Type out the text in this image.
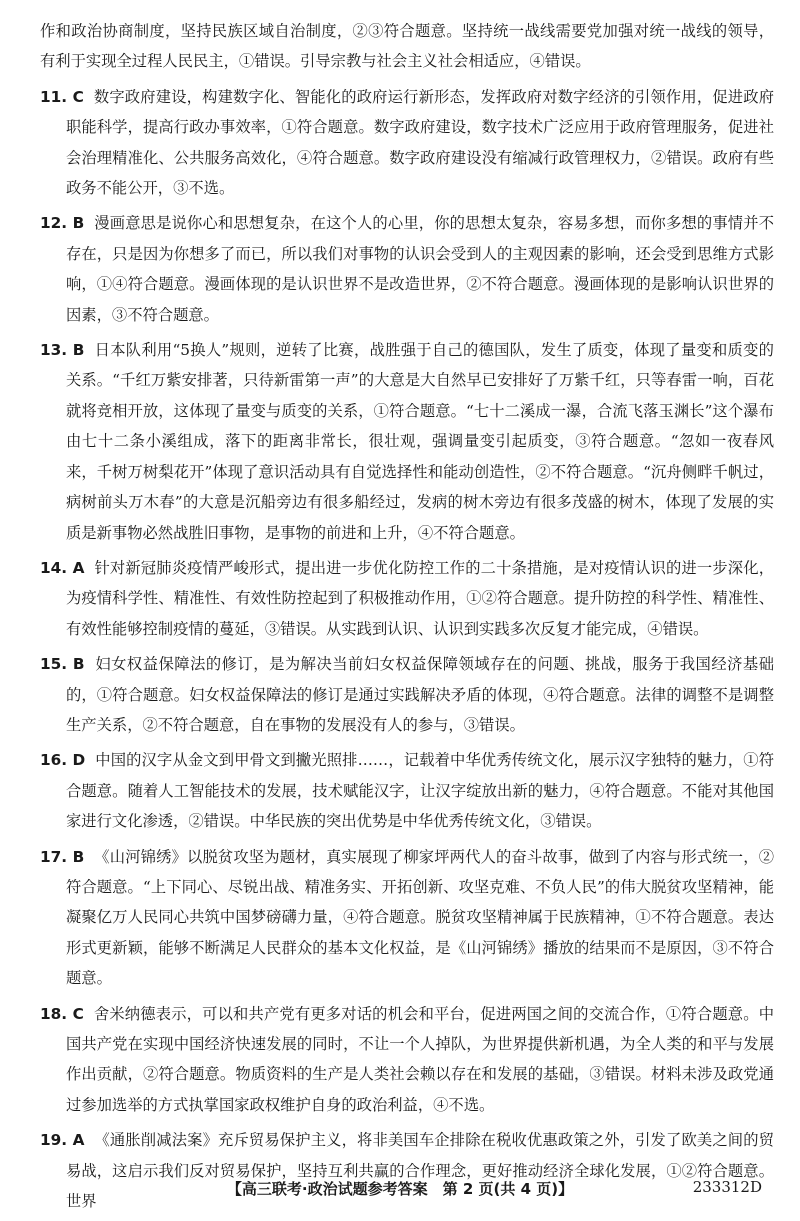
作和政治协商制度，坚持民族区域自治制度，②③符合题意。坚持统一战线需要党加强对统一战线的领导，有利于实现全过程人民民主，①错误。引导宗教与社会主义社会相适应，④错误。

11. C 数字政府建设，构建数字化、智能化的政府运行新形态，发挥政府对数字经济的引领作用，促进政府职能科学，提高行政办事效率，①符合题意。数字政府建设，数字技术广泛应用于政府管理服务，促进社会治理精准化、公共服务高效化，④符合题意。数字政府建设没有缩减行政管理权力，②错误。政府有些政务不能公开，③不选。

12. B 漫画意思是说你心和思想复杂，在这个人的心里，你的思想太复杂，容易多想，而你多想的事情并不存在，只是因为你想多了而已，所以我们对事物的认识会受到人的主观因素的影响，还会受到思维方式影响，①④符合题意。漫画体现的是认识世界不是改造世界，②不符合题意。漫画体现的是影响认识世界的因素，③不符合题意。

13. B 日本队利用“5换人”规则，逆转了比赛，战胜强于自己的德国队，发生了质变，体现了量变和质变的关系。“千红万紫安排著，只待新雷第一声”的大意是大自然早已安排好了万紫千红，只等春雷一响，百花就将竞相开放，这体现了量变与质变的关系，①符合题意。“七十二溪成一瀑，合流飞落玉渊长”这个瀑布由七十二条小溪组成，落下的距离非常长，很壮观，强调量变引起质变，③符合题意。“忽如一夜春风来，千树万树梨花开”体现了意识活动具有自觉选择性和能动创造性，②不符合题意。“沉舟侧畔千帆过，病树前头万木春”的大意是沉船旁边有很多船经过，发病的树木旁边有很多茂盛的树木，体现了发展的实质是新事物必然战胜旧事物，是事物的前进和上升，④不符合题意。

14. A 针对新冠肺炎疫情严峻形式，提出进一步优化防控工作的二十条措施，是对疫情认识的进一步深化，为疫情科学性、精准性、有效性防控起到了积极推动作用，①②符合题意。提升防控的科学性、精准性、有效性能够控制疫情的蔓延，③错误。从实践到认识、认识到实践多次反复才能完成，④错误。

15. B 妇女权益保障法的修订，是为解决当前妇女权益保障领域存在的问题、挑战，服务于我国经济基础的，①符合题意。妇女权益保障法的修订是通过实践解决矛盾的体现，④符合题意。法律的调整不是调整生产关系，②不符合题意，自在事物的发展没有人的参与，③错误。

16. D 中国的汉字从金文到甲骨文到撇光照排……，记载着中华优秀传统文化，展示汉字独特的魅力，①符合题意。随着人工智能技术的发展，技术赋能汉字，让汉字绽放出新的魅力，④符合题意。不能对其他国家进行文化渗透，②错误。中华民族的突出优势是中华优秀传统文化，③错误。

17. B 《山河锦绣》以脱贫攻坚为题材，真实展现了柳家坪两代人的奋斗故事，做到了内容与形式统一，②符合题意。“上下同心、尽锐出战、精准务实、开拓创新、攻坚克难、不负人民”的伟大脱贫攻坚精神，能凝聚亿万人民同心共筑中国梦磅礴力量，④符合题意。脱贫攻坚精神属于民族精神，①不符合题意。表达形式更新颖，能够不断满足人民群众的基本文化权益，是《山河锦绣》播放的结果而不是原因，③不符合题意。

18. C 舍米纳德表示，可以和共产党有更多对话的机会和平台，促进两国之间的交流合作，①符合题意。中国共产党在实现中国经济快速发展的同时，不让一个人掉队，为世界提供新机遇，为全人类的和平与发展作出贡献，②符合题意。物质资料的生产是人类社会赖以存在和发展的基础，③错误。材料未涉及政党通过参加选举的方式执掌国家政权维护自身的政治利益，④不选。

19. A 《通胀削减法案》充斥贸易保护主义，将非美国车企排除在税收优惠政策之外，引发了欧美之间的贸易战，这启示我们反对贸易保护，坚持互利共赢的合作理念，更好推动经济全球化发展，①②符合题意。世界

【高三联考·政治试题参考答案　第 2 页(共 4 页)】	233312D
